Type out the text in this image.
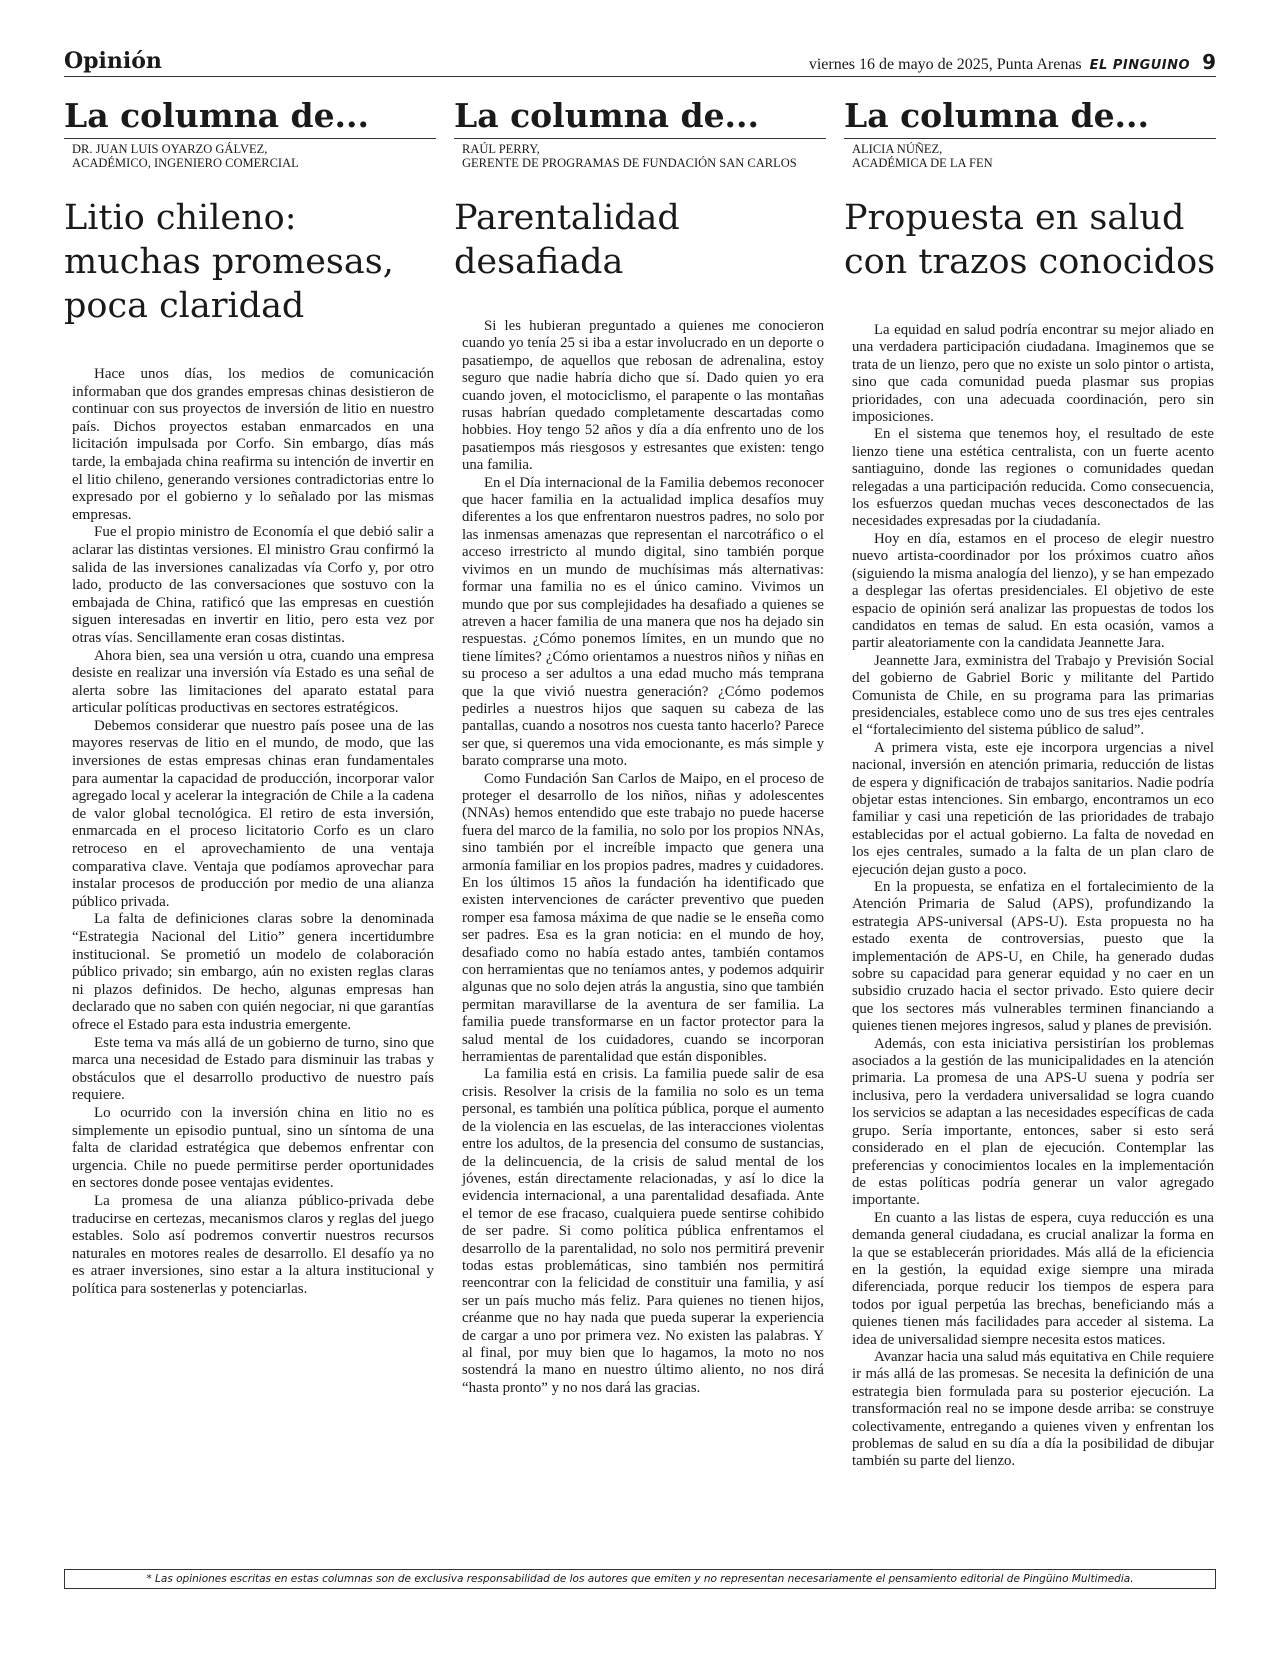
Opinión	viernes 16 de mayo de 2025, Punta Arenas EL PINGUINO 9
La columna de...
DR. JUAN LUIS OYARZO GÁLVEZ,
ACADÉMICO, INGENIERO COMERCIAL
Litio chileno: muchas promesas, poca claridad

Hace unos días, los medios de comunicación informaban que dos grandes empresas chinas desistieron de continuar con sus proyectos de inversión de litio en nuestro país. Dichos proyectos estaban enmarcados en una licitación impulsada por Corfo. Sin embargo, días más tarde, la embajada china reafirma su intención de invertir en el litio chileno, generando versiones contradictorias entre lo expresado por el gobierno y lo señalado por las mismas empresas.

Fue el propio ministro de Economía el que debió salir a aclarar las distintas versiones. El ministro Grau confirmó la salida de las inversiones canalizadas vía Corfo y, por otro lado, producto de las conversaciones que sostuvo con la embajada de China, ratificó que las empresas en cuestión siguen interesadas en invertir en litio, pero esta vez por otras vías. Sencillamente eran cosas distintas.

Ahora bien, sea una versión u otra, cuando una empresa desiste en realizar una inversión vía Estado es una señal de alerta sobre las limitaciones del aparato estatal para articular políticas productivas en sectores estratégicos.

Debemos considerar que nuestro país posee una de las mayores reservas de litio en el mundo, de modo, que las inversiones de estas empresas chinas eran fundamentales para aumentar la capacidad de producción, incorporar valor agregado local y acelerar la integración de Chile a la cadena de valor global tecnológica. El retiro de esta inversión, enmarcada en el proceso licitatorio Corfo es un claro retroceso en el aprovechamiento de una ventaja comparativa clave. Ventaja que podíamos aprovechar para instalar procesos de producción por medio de una alianza público privada.

La falta de definiciones claras sobre la denominada “Estrategia Nacional del Litio” genera incertidumbre institucional. Se prometió un modelo de colaboración público privado; sin embargo, aún no existen reglas claras ni plazos definidos. De hecho, algunas empresas han declarado que no saben con quién negociar, ni que garantías ofrece el Estado para esta industria emergente.

Este tema va más allá de un gobierno de turno, sino que marca una necesidad de Estado para disminuir las trabas y obstáculos que el desarrollo productivo de nuestro país requiere.

Lo ocurrido con la inversión china en litio no es simplemente un episodio puntual, sino un síntoma de una falta de claridad estratégica que debemos enfrentar con urgencia. Chile no puede permitirse perder oportunidades en sectores donde posee ventajas evidentes.

La promesa de una alianza público-privada debe traducirse en certezas, mecanismos claros y reglas del juego estables. Solo así podremos convertir nuestros recursos naturales en motores reales de desarrollo. El desafío ya no es atraer inversiones, sino estar a la altura institucional y política para sostenerlas y potenciarlas.

La columna de...
RAÚL PERRY,
GERENTE DE PROGRAMAS DE FUNDACIÓN SAN CARLOS
Parentalidad desafiada

Si les hubieran preguntado a quienes me conocieron cuando yo tenía 25 si iba a estar involucrado en un deporte o pasatiempo, de aquellos que rebosan de adrenalina, estoy seguro que nadie habría dicho que sí. Dado quien yo era cuando joven, el motociclismo, el parapente o las montañas rusas habrían quedado completamente descartadas como hobbies. Hoy tengo 52 años y día a día enfrento uno de los pasatiempos más riesgosos y estresantes que existen: tengo una familia.

En el Día internacional de la Familia debemos reconocer que hacer familia en la actualidad implica desafíos muy diferentes a los que enfrentaron nuestros padres, no solo por las inmensas amenazas que representan el narcotráfico o el acceso irrestricto al mundo digital, sino también porque vivimos en un mundo de muchísimas más alternativas: formar una familia no es el único camino. Vivimos un mundo que por sus complejidades ha desafiado a quienes se atreven a hacer familia de una manera que nos ha dejado sin respuestas. ¿Cómo ponemos límites, en un mundo que no tiene límites? ¿Cómo orientamos a nuestros niños y niñas en su proceso a ser adultos a una edad mucho más temprana que la que vivió nuestra generación? ¿Cómo podemos pedirles a nuestros hijos que saquen su cabeza de las pantallas, cuando a nosotros nos cuesta tanto hacerlo? Parece ser que, si queremos una vida emocionante, es más simple y barato comprarse una moto.

Como Fundación San Carlos de Maipo, en el proceso de proteger el desarrollo de los niños, niñas y adolescentes (NNAs) hemos entendido que este trabajo no puede hacerse fuera del marco de la familia, no solo por los propios NNAs, sino también por el increíble impacto que genera una armonía familiar en los propios padres, madres y cuidadores. En los últimos 15 años la fundación ha identificado que existen intervenciones de carácter preventivo que pueden romper esa famosa máxima de que nadie se le enseña como ser padres. Esa es la gran noticia: en el mundo de hoy, desafiado como no había estado antes, también contamos con herramientas que no teníamos antes, y podemos adquirir algunas que no solo dejen atrás la angustia, sino que también permitan maravillarse de la aventura de ser familia. La familia puede transformarse en un factor protector para la salud mental de los cuidadores, cuando se incorporan herramientas de parentalidad que están disponibles.

La familia está en crisis. La familia puede salir de esa crisis. Resolver la crisis de la familia no solo es un tema personal, es también una política pública, porque el aumento de la violencia en las escuelas, de las interacciones violentas entre los adultos, de la presencia del consumo de sustancias, de la delincuencia, de la crisis de salud mental de los jóvenes, están directamente relacionadas, y así lo dice la evidencia internacional, a una parentalidad desafiada. Ante el temor de ese fracaso, cualquiera puede sentirse cohibido de ser padre. Si como política pública enfrentamos el desarrollo de la parentalidad, no solo nos permitirá prevenir todas estas problemáticas, sino también nos permitirá reencontrar con la felicidad de constituir una familia, y así ser un país mucho más feliz. Para quienes no tienen hijos, créanme que no hay nada que pueda superar la experiencia de cargar a uno por primera vez. No existen las palabras. Y al final, por muy bien que lo hagamos, la moto no nos sostendrá la mano en nuestro último aliento, no nos dirá “hasta pronto” y no nos dará las gracias.

La columna de...
ALICIA NÚÑEZ,
ACADÉMICA DE LA FEN
Propuesta en salud con trazos conocidos

La equidad en salud podría encontrar su mejor aliado en una verdadera participación ciudadana. Imaginemos que se trata de un lienzo, pero que no existe un solo pintor o artista, sino que cada comunidad pueda plasmar sus propias prioridades, con una adecuada coordinación, pero sin imposiciones.

En el sistema que tenemos hoy, el resultado de este lienzo tiene una estética centralista, con un fuerte acento santiaguino, donde las regiones o comunidades quedan relegadas a una participación reducida. Como consecuencia, los esfuerzos quedan muchas veces desconectados de las necesidades expresadas por la ciudadanía.

Hoy en día, estamos en el proceso de elegir nuestro nuevo artista-coordinador por los próximos cuatro años (siguiendo la misma analogía del lienzo), y se han empezado a desplegar las ofertas presidenciales. El objetivo de este espacio de opinión será analizar las propuestas de todos los candidatos en temas de salud. En esta ocasión, vamos a partir aleatoriamente con la candidata Jeannette Jara.

Jeannette Jara, exministra del Trabajo y Previsión Social del gobierno de Gabriel Boric y militante del Partido Comunista de Chile, en su programa para las primarias presidenciales, establece como uno de sus tres ejes centrales el “fortalecimiento del sistema público de salud”.

A primera vista, este eje incorpora urgencias a nivel nacional, inversión en atención primaria, reducción de listas de espera y dignificación de trabajos sanitarios. Nadie podría objetar estas intenciones. Sin embargo, encontramos un eco familiar y casi una repetición de las prioridades de trabajo establecidas por el actual gobierno. La falta de novedad en los ejes centrales, sumado a la falta de un plan claro de ejecución dejan gusto a poco.

En la propuesta, se enfatiza en el fortalecimiento de la Atención Primaria de Salud (APS), profundizando la estrategia APS-universal (APS-U). Esta propuesta no ha estado exenta de controversias, puesto que la implementación de APS-U, en Chile, ha generado dudas sobre su capacidad para generar equidad y no caer en un subsidio cruzado hacia el sector privado. Esto quiere decir que los sectores más vulnerables terminen financiando a quienes tienen mejores ingresos, salud y planes de previsión.

Además, con esta iniciativa persistirían los problemas asociados a la gestión de las municipalidades en la atención primaria. La promesa de una APS-U suena y podría ser inclusiva, pero la verdadera universalidad se logra cuando los servicios se adaptan a las necesidades específicas de cada grupo. Sería importante, entonces, saber si esto será considerado en el plan de ejecución. Contemplar las preferencias y conocimientos locales en la implementación de estas políticas podría generar un valor agregado importante.

En cuanto a las listas de espera, cuya reducción es una demanda general ciudadana, es crucial analizar la forma en la que se establecerán prioridades. Más allá de la eficiencia en la gestión, la equidad exige siempre una mirada diferenciada, porque reducir los tiempos de espera para todos por igual perpetúa las brechas, beneficiando más a quienes tienen más facilidades para acceder al sistema. La idea de universalidad siempre necesita estos matices.

Avanzar hacia una salud más equitativa en Chile requiere ir más allá de las promesas. Se necesita la definición de una estrategia bien formulada para su posterior ejecución. La transformación real no se impone desde arriba: se construye colectivamente, entregando a quienes viven y enfrentan los problemas de salud en su día a día la posibilidad de dibujar también su parte del lienzo.

* Las opiniones escritas en estas columnas son de exclusiva responsabilidad de los autores que emiten y no representan necesariamente el pensamiento editorial de Pingüino Multimedia.
